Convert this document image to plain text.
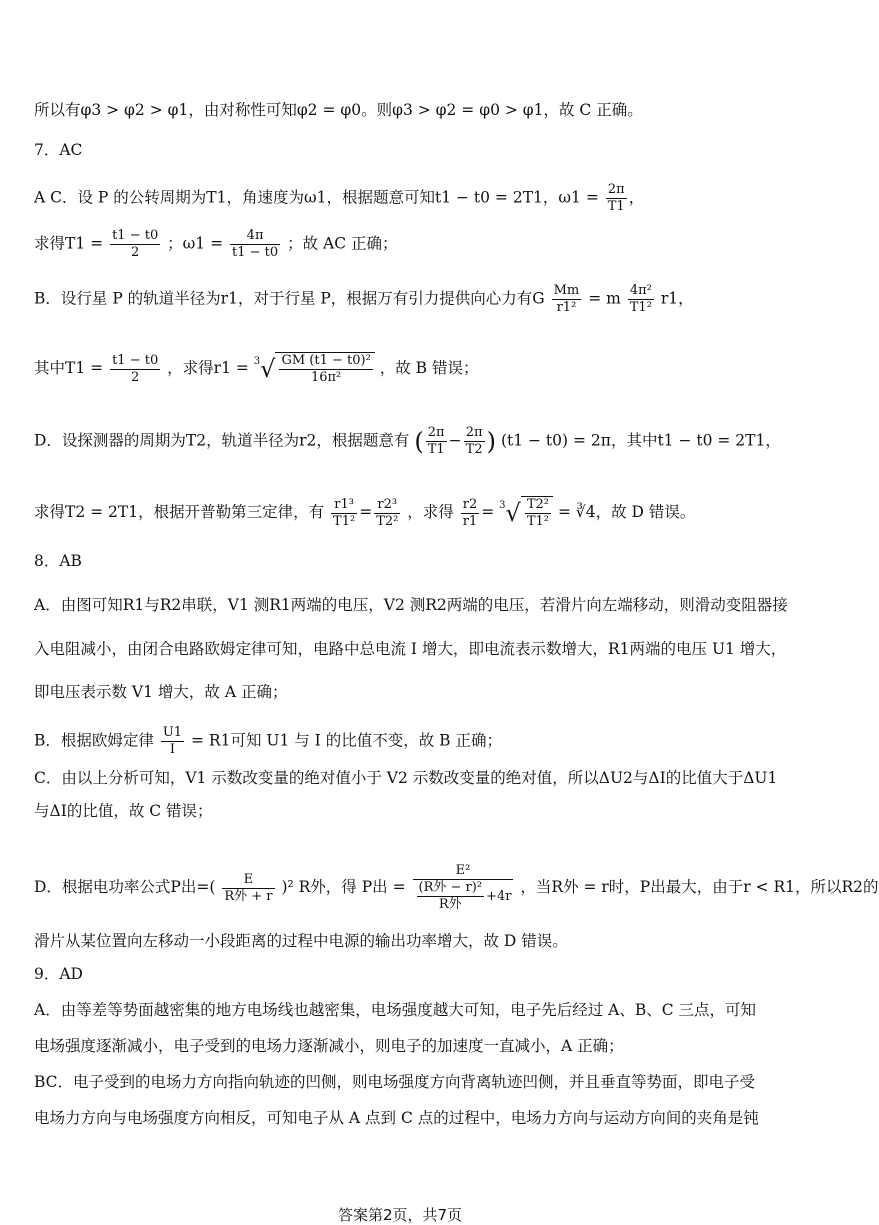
所以有φ3 > φ2 > φ1，由对称性可知φ2 = φ0。则φ3 > φ2 = φ0 > φ1，故 C 正确。
7．AC
A C．设 P 的公转周期为T1，角速度为ω1，根据题意可知t1 − t0 = 2T1，$\omega 1 = \frac{2\pi}{T1}$ ，
求得$T1 = \frac{t1 - t0}{2}$ ；$\omega 1 = \frac{4\pi}{t1 - t0}$ ；故 AC 正确；
B．设行星 P 的轨道半径为r1，对于行星 P，根据万有引力提供向心力有G $\frac{Mm}{\text{r1²}} = m \frac{\text{4π²}}{\text{T1²}} r1$，
其中$T1 = \frac{t1 - t0}{2}$ ，求得$r1 = ^3√ \frac{\text{GM (t1 − t0)²}}{\text{16π²}}$ ，故 B 错误；
D．设探测器的周期为T2，轨道半径为r2，根据题意有 ( $\frac{2\pi}{T1} - \frac{2\pi}{T2}$ ) (t1 − t0) = 2π，其中t1 − t0 = 2T1，
求得T2 = 2T1，根据开普勒第三定律，有 $\frac{\text{r1³}}{\text{T1²}} = \frac{\text{r2³}}{\text{T2²}}$ ，求得 $\frac{r2}{r1} = ^3√ \frac{\text{T2²}}{\text{T1²}}$ = ∛4，故 D 错误。
8．AB
A．由图可知R1与R2串联，V1 测R1两端的电压，V2 测R2两端的电压，若滑片向左端移动，则滑动变阻器接
入电阻减小，由闭合电路欧姆定律可知，电路中总电流 I 增大，即电流表示数增大，R1两端的电压 U1 增大，
即电压表示数 V1 增大，故 A 正确；
B．根据欧姆定律 $\frac{U1}{I} = R1$可知 U1 与 I 的比值不变，故 B 正确；
C．由以上分析可知，V1 示数改变量的绝对值小于 V2 示数改变量的绝对值，所以ΔU2与ΔI的比值大于ΔU1
与ΔI的比值，故 C 错误；
D．根据电功率公式P出=( $\frac{E}{\text{R外 + r}} )^2$ R外，得 P出 = $\frac{\text{E²}}{\frac{\text{(R外 − r)²}}{\text{R外}} +4r}$ ，当R外 = r时，P出最大，由于r < R1，所以R2的
滑片从某位置向左移动一小段距离的过程中电源的输出功率增大，故 D 错误。
9．AD
A．由等差等势面越密集的地方电场线也越密集，电场强度越大可知，电子先后经过 A、B、C 三点，可知
电场强度逐渐减小，电子受到的电场力逐渐减小，则电子的加速度一直减小，A 正确；
BC．电子受到的电场力方向指向轨迹的凹侧，则电场强度方向背离轨迹凹侧，并且垂直等势面，即电子受
电场力方向与电场强度方向相反，可知电子从 A 点到 C 点的过程中，电场力方向与运动方向间的夹角是钝
答案第2页，共7页
